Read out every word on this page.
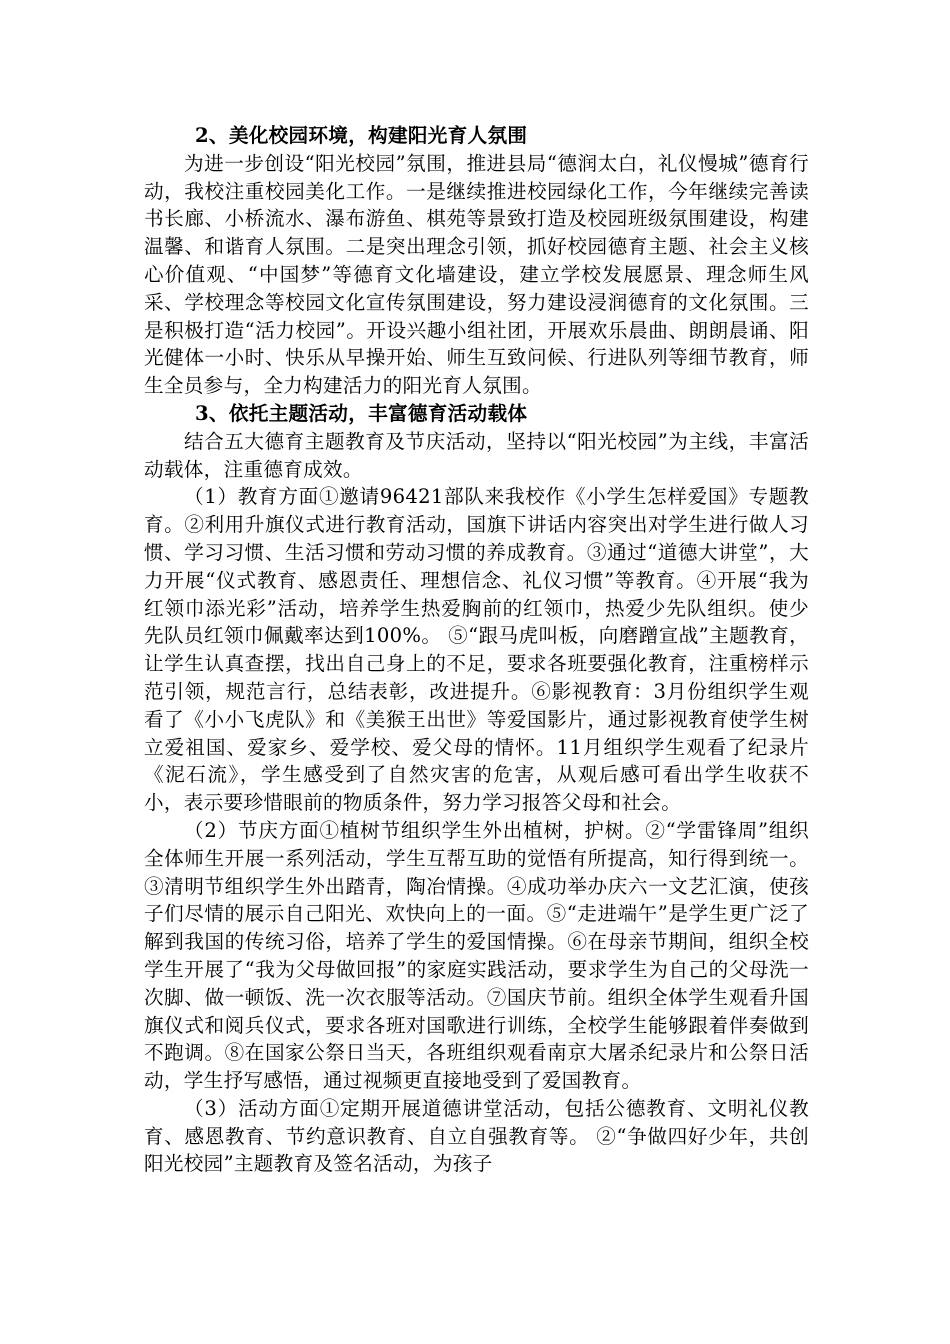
2、美化校园环境，构建阳光育人氛围

为进一步创设“阳光校园”氛围，推进县局“德润太白，礼仪慢城”德育行动，我校注重校园美化工作。一是继续推进校园绿化工作，今年继续完善读书长廊、小桥流水、瀑布游鱼、棋苑等景致打造及校园班级氛围建设，构建温馨、和谐育人氛围。二是突出理念引领，抓好校园德育主题、社会主义核心价值观、“中国梦”等德育文化墙建设，建立学校发展愿景、理念师生风采、学校理念等校园文化宣传氛围建设，努力建设浸润德育的文化氛围。三是积极打造“活力校园”。开设兴趣小组社团，开展欢乐晨曲、朗朗晨诵、阳光健体一小时、快乐从早操开始、师生互致问候、行进队列等细节教育，师生全员参与，全力构建活力的阳光育人氛围。

3、依托主题活动，丰富德育活动载体

结合五大德育主题教育及节庆活动，坚持以“阳光校园”为主线，丰富活动载体，注重德育成效。

（1）教育方面①邀请96421部队来我校作《小学生怎样爱国》专题教育。②利用升旗仪式进行教育活动，国旗下讲话内容突出对学生进行做人习惯、学习习惯、生活习惯和劳动习惯的养成教育。③通过“道德大讲堂”，大力开展“仪式教育、感恩责任、理想信念、礼仪习惯”等教育。④开展“我为红领巾添光彩”活动，培养学生热爱胸前的红领巾，热爱少先队组织。使少先队员红领巾佩戴率达到100%。 ⑤“跟马虎叫板，向磨蹭宣战”主题教育，让学生认真查摆，找出自己身上的不足，要求各班要强化教育，注重榜样示范引领，规范言行，总结表彰，改进提升。⑥影视教育：3月份组织学生观看了《小小飞虎队》和《美猴王出世》等爱国影片，通过影视教育使学生树立爱祖国、爱家乡、爱学校、爱父母的情怀。11月组织学生观看了纪录片《泥石流》，学生感受到了自然灾害的危害，从观后感可看出学生收获不小，表示要珍惜眼前的物质条件，努力学习报答父母和社会。

（2）节庆方面①植树节组织学生外出植树，护树。②“学雷锋周”组织全体师生开展一系列活动，学生互帮互助的觉悟有所提高，知行得到统一。③清明节组织学生外出踏青，陶冶情操。④成功举办庆六一文艺汇演，使孩子们尽情的展示自己阳光、欢快向上的一面。⑤“走进端午”是学生更广泛了解到我国的传统习俗，培养了学生的爱国情操。⑥在母亲节期间，组织全校学生开展了“我为父母做回报”的家庭实践活动，要求学生为自己的父母洗一次脚、做一顿饭、洗一次衣服等活动。⑦国庆节前。组织全体学生观看升国旗仪式和阅兵仪式，要求各班对国歌进行训练，全校学生能够跟着伴奏做到不跑调。⑧在国家公祭日当天，各班组织观看南京大屠杀纪录片和公祭日活动，学生抒写感悟，通过视频更直接地受到了爱国教育。

（3）活动方面①定期开展道德讲堂活动，包括公德教育、文明礼仪教育、感恩教育、节约意识教育、自立自强教育等。 ②“争做四好少年，共创阳光校园”主题教育及签名活动，为孩子
